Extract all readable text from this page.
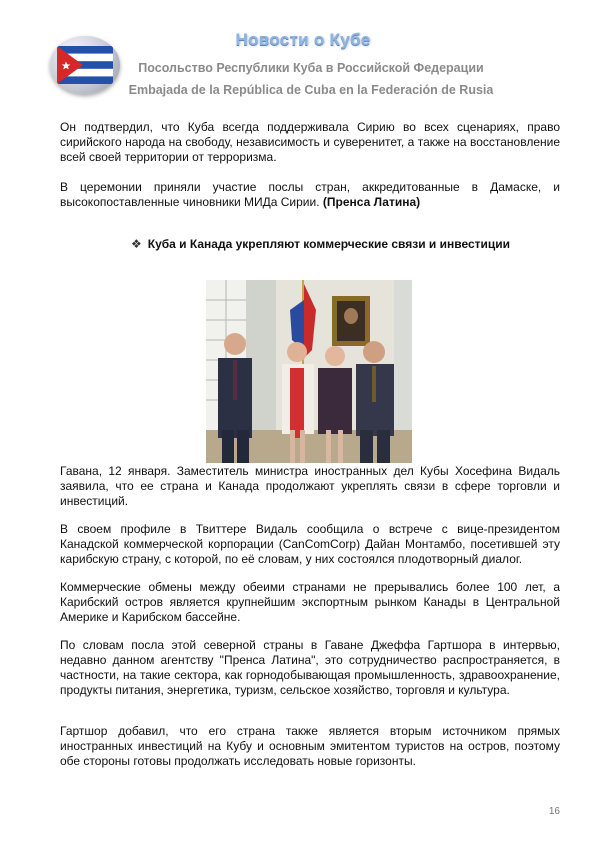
Новости о Кубе
Посольство Республики Куба в Российской Федерации
Embajada de la República de Cuba en la Federación de Rusia

Он подтвердил, что Куба всегда поддерживала Сирию во всех сценариях, право сирийского народа на свободу, независимость и суверенитет, а также на восстановление всей своей территории от терроризма.

В церемонии приняли участие послы стран, аккредитованные в Дамаске, и высокопоставленные чиновники МИДа Сирии. (Пренса Латина)

❖ Куба и Канада укрепляют коммерческие связи и инвестиции

Гавана, 12 января. Заместитель министра иностранных дел Кубы Хосефина Видаль заявила, что ее страна и Канада продолжают укреплять связи в сфере торговли и инвестиций.

В своем профиле в Твиттере Видаль сообщила о встрече с вице-президентом Канадской коммерческой корпорации (CanComCorp) Дайан Монтамбо, посетившей эту карибскую страну, с которой, по её словам, у них состоялся плодотворный диалог.

Коммерческие обмены между обеими странами не прерывались более 100 лет, а Карибский остров является крупнейшим экспортным рынком Канады в Центральной Америке и Карибском бассейне.

По словам посла этой северной страны в Гаване Джеффа Гартшора в интервью, недавно данном агентству "Пренса Латина", это сотрудничество распространяется, в частности, на такие сектора, как горнодобывающая промышленность, здравоохранение, продукты питания, энергетика, туризм, сельское хозяйство, торговля и культура.

Гартшор добавил, что его страна также является вторым источником прямых иностранных инвестиций на Кубу и основным эмитентом туристов на остров, поэтому обе стороны готовы продолжать исследовать новые горизонты.

16
